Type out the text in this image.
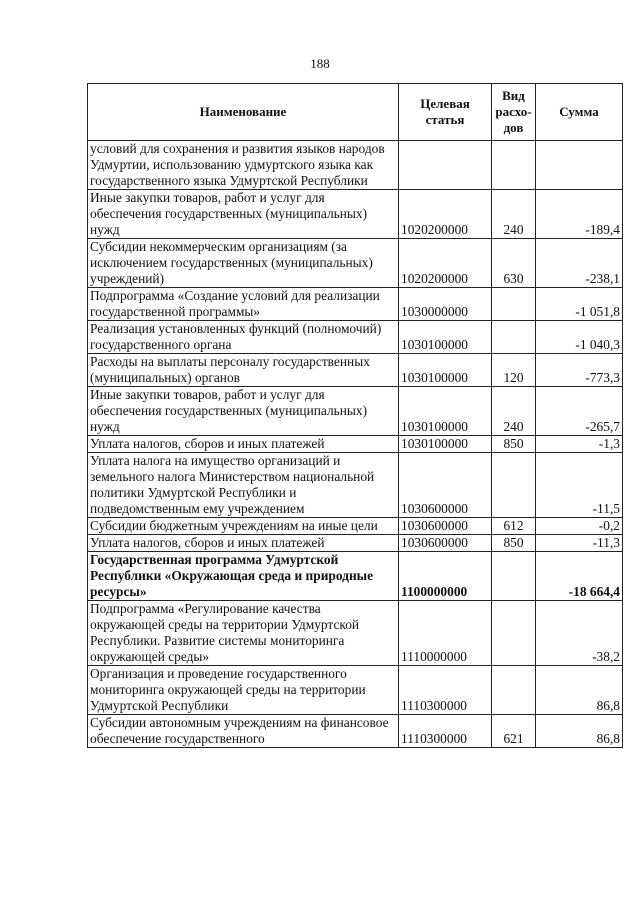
188
Наименование	Целевая статья	Вид расхо-дов	Сумма
условий для сохранения и развития языков народов Удмуртии, использованию удмуртского языка как государственного языка Удмуртской Республики			
Иные закупки товаров, работ и услуг для обеспечения государственных (муниципальных) нужд	1020200000	240	-189,4
Субсидии некоммерческим организациям (за исключением государственных (муниципальных) учреждений)	1020200000	630	-238,1
Подпрограмма «Создание условий для реализации государственной программы»	1030000000		-1 051,8
Реализация установленных функций (полномочий) государственного органа	1030100000		-1 040,3
Расходы на выплаты персоналу государственных (муниципальных) органов	1030100000	120	-773,3
Иные закупки товаров, работ и услуг для обеспечения государственных (муниципальных) нужд	1030100000	240	-265,7
Уплата налогов, сборов и иных платежей	1030100000	850	-1,3
Уплата налога на имущество организаций и земельного налога Министерством национальной политики Удмуртской Республики и подведомственным ему учреждением	1030600000		-11,5
Субсидии бюджетным учреждениям на иные цели	1030600000	612	-0,2
Уплата налогов, сборов и иных платежей	1030600000	850	-11,3
Государственная программа Удмуртской Республики «Окружающая среда и природные ресурсы»	1100000000		-18 664,4
Подпрограмма «Регулирование качества окружающей среды на территории Удмуртской Республики. Развитие системы мониторинга окружающей среды»	1110000000		-38,2
Организация и проведение государственного мониторинга окружающей среды на территории Удмуртской Республики	1110300000		86,8
Субсидии автономным учреждениям на финансовое обеспечение государственного	1110300000	621	86,8
